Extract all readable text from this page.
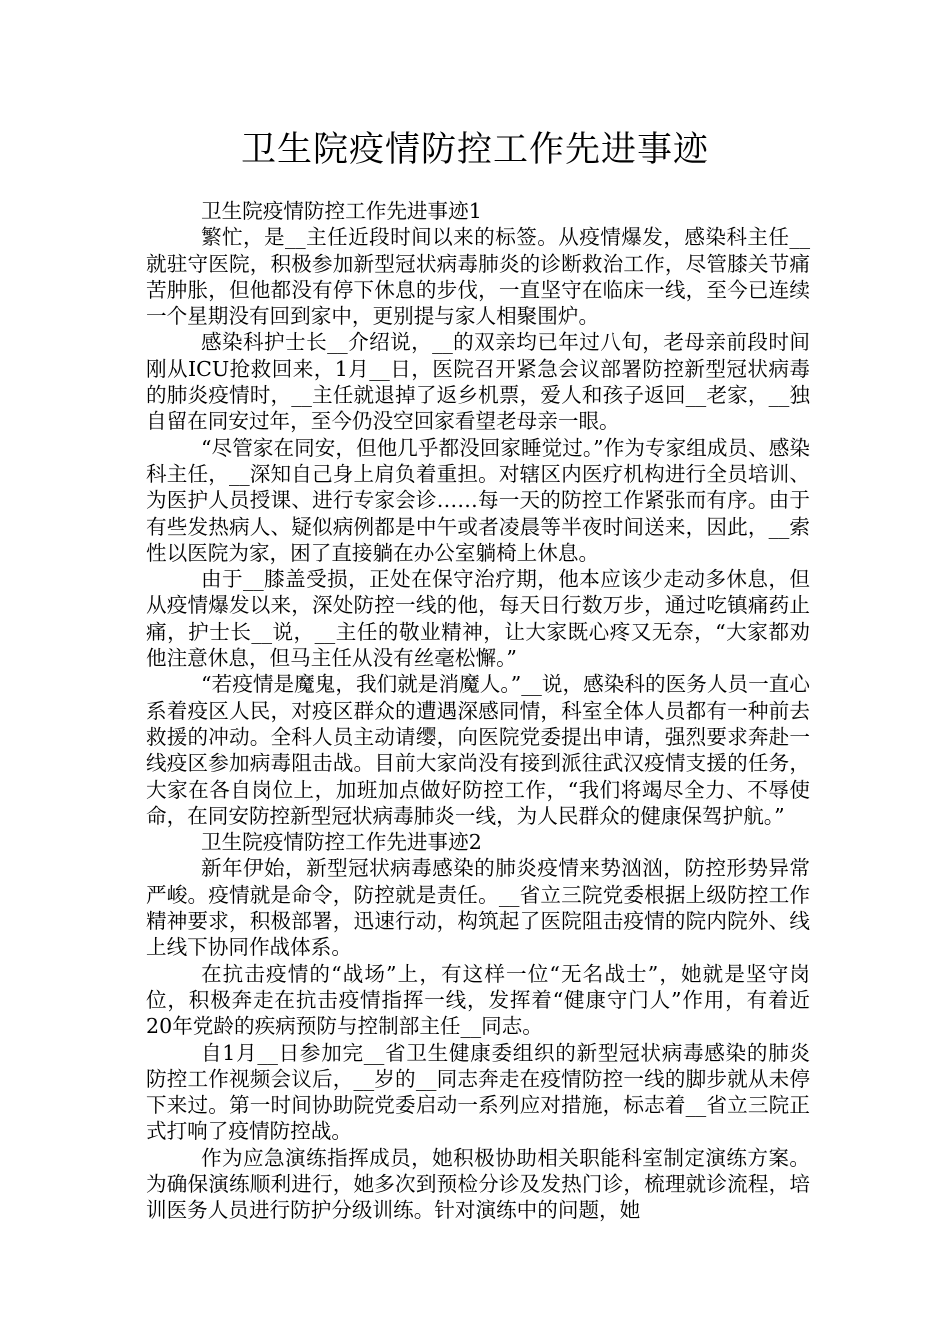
卫生院疫情防控工作先进事迹

卫生院疫情防控工作先进事迹1

繁忙，是__主任近段时间以来的标签。从疫情爆发，感染科主任__就驻守医院，积极参加新型冠状病毒肺炎的诊断救治工作，尽管膝关节痛苦肿胀，但他都没有停下休息的步伐，一直坚守在临床一线，至今已连续一个星期没有回到家中，更别提与家人相聚围炉。

感染科护士长__介绍说，__的双亲均已年过八旬，老母亲前段时间刚从ICU抢救回来，1月__日，医院召开紧急会议部署防控新型冠状病毒的肺炎疫情时，__主任就退掉了返乡机票，爱人和孩子返回__老家，__独自留在同安过年，至今仍没空回家看望老母亲一眼。

“尽管家在同安，但他几乎都没回家睡觉过。”作为专家组成员、感染科主任，__深知自己身上肩负着重担。对辖区内医疗机构进行全员培训、为医护人员授课、进行专家会诊……每一天的防控工作紧张而有序。由于有些发热病人、疑似病例都是中午或者凌晨等半夜时间送来，因此，__索性以医院为家，困了直接躺在办公室躺椅上休息。

由于__膝盖受损，正处在保守治疗期，他本应该少走动多休息，但从疫情爆发以来，深处防控一线的他，每天日行数万步，通过吃镇痛药止痛，护士长__说，__主任的敬业精神，让大家既心疼又无奈，“大家都劝他注意休息，但马主任从没有丝毫松懈。”

“若疫情是魔鬼，我们就是消魔人。”__说，感染科的医务人员一直心系着疫区人民，对疫区群众的遭遇深感同情，科室全体人员都有一种前去救援的冲动。全科人员主动请缨，向医院党委提出申请，强烈要求奔赴一线疫区参加病毒阻击战。目前大家尚没有接到派往武汉疫情支援的任务，大家在各自岗位上，加班加点做好防控工作，“我们将竭尽全力、不辱使命，在同安防控新型冠状病毒肺炎一线，为人民群众的健康保驾护航。”

卫生院疫情防控工作先进事迹2

新年伊始，新型冠状病毒感染的肺炎疫情来势汹汹，防控形势异常严峻。疫情就是命令，防控就是责任。__省立三院党委根据上级防控工作精神要求，积极部署，迅速行动，构筑起了医院阻击疫情的院内院外、线上线下协同作战体系。

在抗击疫情的“战场”上，有这样一位“无名战士”，她就是坚守岗位，积极奔走在抗击疫情指挥一线，发挥着“健康守门人”作用，有着近20年党龄的疾病预防与控制部主任__同志。

自1月__日参加完__省卫生健康委组织的新型冠状病毒感染的肺炎防控工作视频会议后，__岁的__同志奔走在疫情防控一线的脚步就从未停下来过。第一时间协助院党委启动一系列应对措施，标志着__省立三院正式打响了疫情防控战。

作为应急演练指挥成员，她积极协助相关职能科室制定演练方案。为确保演练顺利进行，她多次到预检分诊及发热门诊，梳理就诊流程，培训医务人员进行防护分级训练。针对演练中的问题，她
